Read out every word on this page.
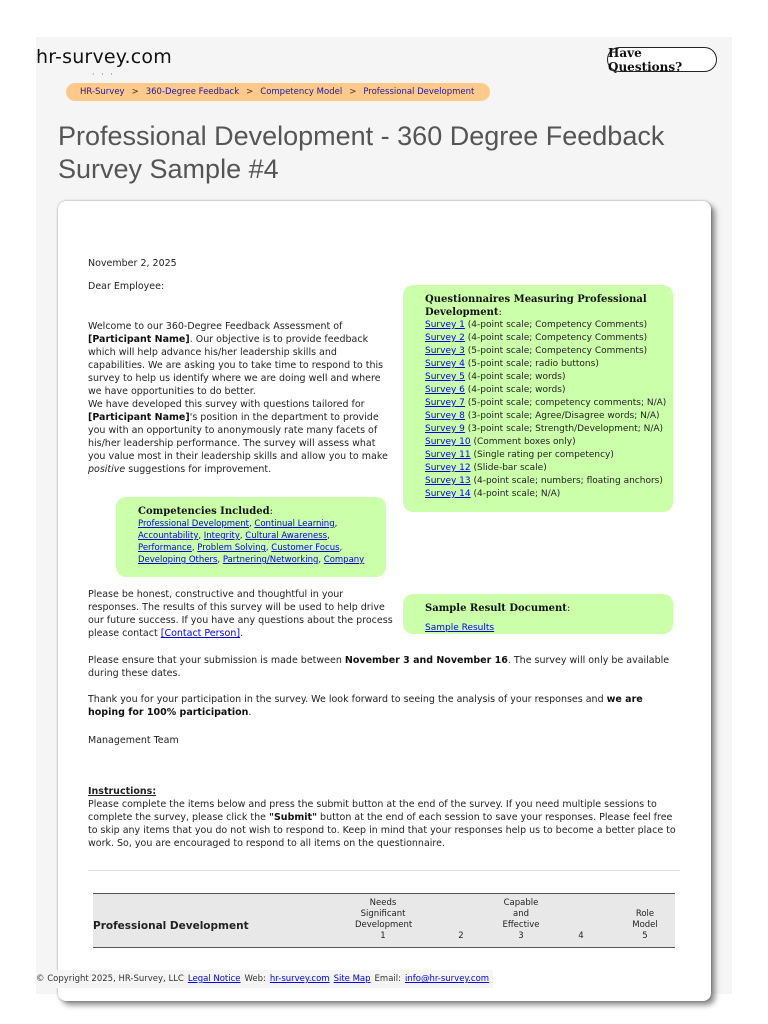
hr-survey.com
· · ·
Have Questions?
HR-Survey > 360-Degree Feedback > Competency Model > Professional Development
Professional Development - 360 Degree Feedback Survey Sample #4
November 2, 2025
Dear Employee:

Welcome to our 360-Degree Feedback Assessment of [Participant Name]. Our objective is to provide feedback which will help advance his/her leadership skills and capabilities. We are asking you to take time to respond to this survey to help us identify where we are doing well and where we have opportunities to do better.

We have developed this survey with questions tailored for [Participant Name]'s position in the department to provide you with an opportunity to anonymously rate many facets of his/her leadership performance. The survey will assess what you value most in their leadership skills and allow you to make positive suggestions for improvement.

Questionnaires Measuring Professional Development:
Survey 1 (4-point scale; Competency Comments)
Survey 2 (4-point scale; Competency Comments)
Survey 3 (5-point scale; Competency Comments)
Survey 4 (5-point scale; radio buttons)
Survey 5 (4-point scale; words)
Survey 6 (4-point scale; words)
Survey 7 (5-point scale; competency comments; N/A)
Survey 8 (3-point scale; Agree/Disagree words; N/A)
Survey 9 (3-point scale; Strength/Development; N/A)
Survey 10 (Comment boxes only)
Survey 11 (Single rating per competency)
Survey 12 (Slide-bar scale)
Survey 13 (4-point scale; numbers; floating anchors)
Survey 14 (4-point scale; N/A)
Competencies Included:
Professional Development, Continual Learning, Accountability, Integrity, Cultural Awareness, Performance, Problem Solving, Customer Focus, Developing Others, Partnering/Networking, Company

Please be honest, constructive and thoughtful in your responses. The results of this survey will be used to help drive our future success. If you have any questions about the process please contact [Contact Person].

Sample Result Document:
Sample Results

Please ensure that your submission is made between November 3 and November 16. The survey will only be available during these dates.

Thank you for your participation in the survey. We look forward to seeing the analysis of your responses and we are hoping for 100% participation.

Management Team
Instructions:

Please complete the items below and press the submit button at the end of the survey. If you need multiple sessions to complete the survey, please click the "Submit" button at the end of each session to save your responses. Please feel free to skip any items that you do not wish to respond to. Keep in mind that your responses help us to become a better place to work. So, you are encouraged to respond to all items on the questionnaire.

Professional Development
Needs
Significant
Development
1

	2
Capable
and
Effective
3

	4

Role
Model
5
© Copyright 2025, HR-Survey, LLC Legal Notice Web: hr-survey.com Site Map Email: info@hr-survey.com
